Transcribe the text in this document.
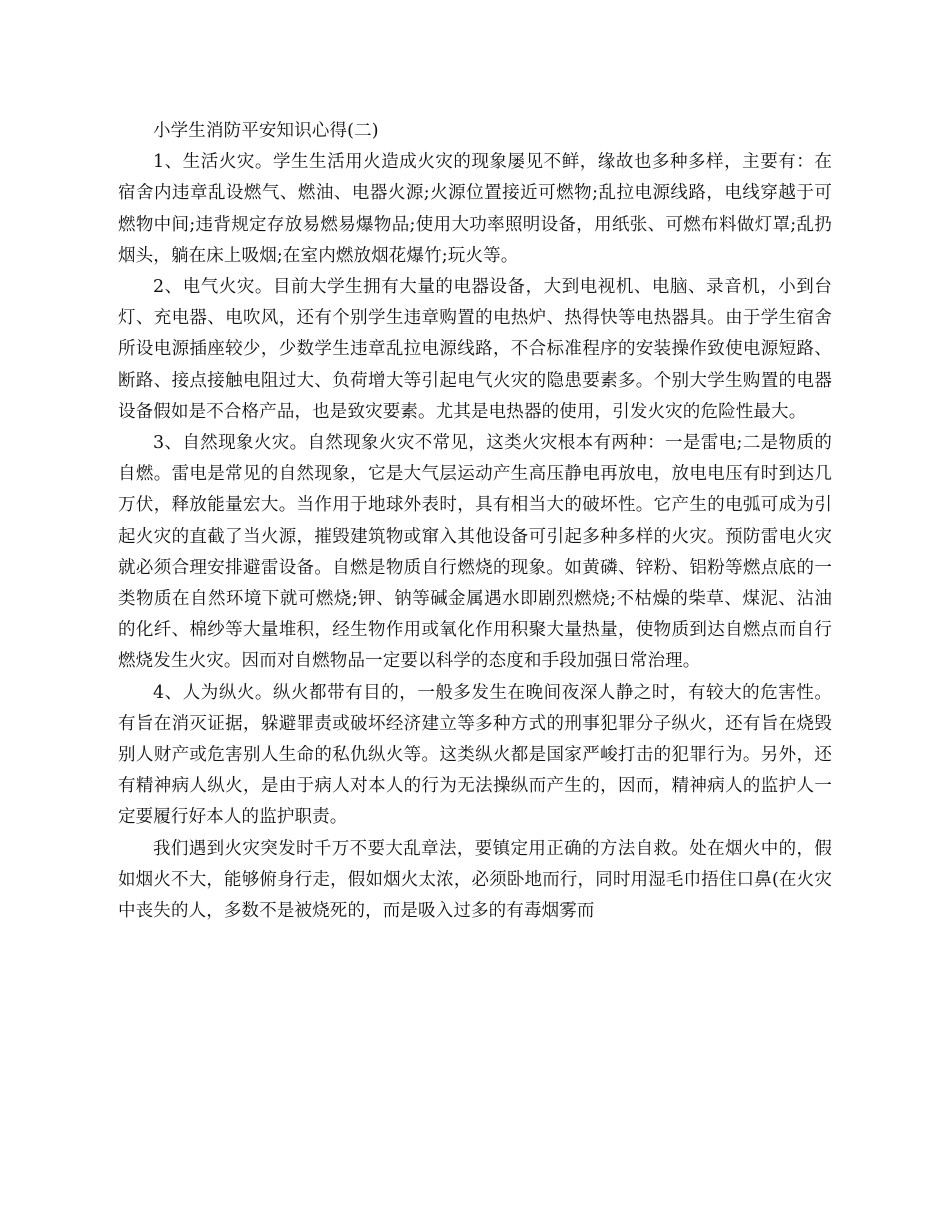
小学生消防平安知识心得(二)

1、生活火灾。学生生活用火造成火灾的现象屡见不鲜，缘故也多种多样，主要有：在宿舍内违章乱设燃气、燃油、电器火源;火源位置接近可燃物;乱拉电源线路，电线穿越于可燃物中间;违背规定存放易燃易爆物品;使用大功率照明设备，用纸张、可燃布料做灯罩;乱扔烟头，躺在床上吸烟;在室内燃放烟花爆竹;玩火等。

2、电气火灾。目前大学生拥有大量的电器设备，大到电视机、电脑、录音机，小到台灯、充电器、电吹风，还有个别学生违章购置的电热炉、热得快等电热器具。由于学生宿舍所设电源插座较少，少数学生违章乱拉电源线路，不合标准程序的安装操作致使电源短路、断路、接点接触电阻过大、负荷增大等引起电气火灾的隐患要素多。个别大学生购置的电器设备假如是不合格产品，也是致灾要素。尤其是电热器的使用，引发火灾的危险性最大。

3、自然现象火灾。自然现象火灾不常见，这类火灾根本有两种：一是雷电;二是物质的自燃。雷电是常见的自然现象，它是大气层运动产生高压静电再放电，放电电压有时到达几万伏，释放能量宏大。当作用于地球外表时，具有相当大的破坏性。它产生的电弧可成为引起火灾的直截了当火源，摧毁建筑物或窜入其他设备可引起多种多样的火灾。预防雷电火灾就必须合理安排避雷设备。自燃是物质自行燃烧的现象。如黄磷、锌粉、铝粉等燃点底的一类物质在自然环境下就可燃烧;钾、钠等碱金属遇水即剧烈燃烧;不枯燥的柴草、煤泥、沾油的化纤、棉纱等大量堆积，经生物作用或氧化作用积聚大量热量，使物质到达自燃点而自行燃烧发生火灾。因而对自燃物品一定要以科学的态度和手段加强日常治理。

4、人为纵火。纵火都带有目的，一般多发生在晚间夜深人静之时，有较大的危害性。有旨在消灭证据，躲避罪责或破坏经济建立等多种方式的刑事犯罪分子纵火，还有旨在烧毁别人财产或危害别人生命的私仇纵火等。这类纵火都是国家严峻打击的犯罪行为。另外，还有精神病人纵火，是由于病人对本人的行为无法操纵而产生的，因而，精神病人的监护人一定要履行好本人的监护职责。

我们遇到火灾突发时千万不要大乱章法，要镇定用正确的方法自救。处在烟火中的，假如烟火不大，能够俯身行走，假如烟火太浓，必须卧地而行，同时用湿毛巾捂住口鼻(在火灾中丧失的人，多数不是被烧死的，而是吸入过多的有毒烟雾而
